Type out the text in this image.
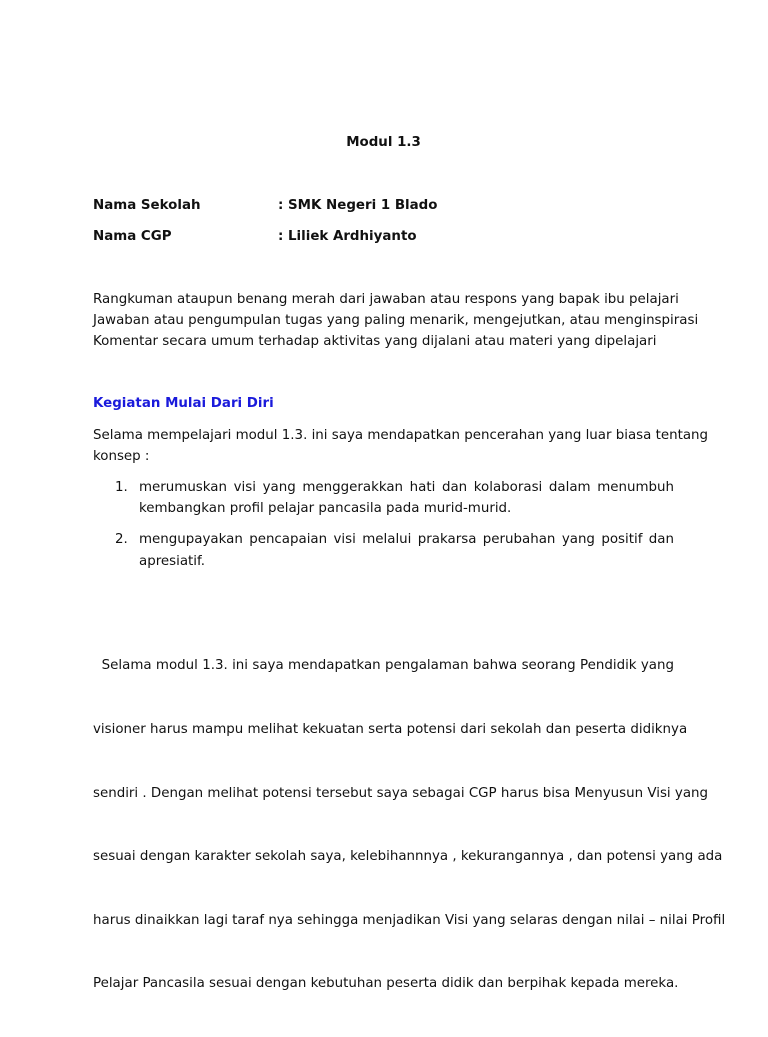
Modul 1.3
Nama Sekolah	: SMK Negeri 1 Blado
Nama CGP	: Liliek Ardhiyanto

Rangkuman ataupun benang merah dari jawaban atau respons yang bapak ibu pelajari
Jawaban atau pengumpulan tugas yang paling menarik, mengejutkan, atau menginspirasi
Komentar secara umum terhadap aktivitas yang dijalani atau materi yang dipelajari

Kegiatan Mulai Dari Diri

Selama mempelajari modul 1.3. ini saya mendapatkan pencerahan yang luar biasa tentang
konsep :

1. merumuskan visi yang menggerakkan hati dan kolaborasi dalam menumbuh
kembangkan profil pelajar pancasila pada murid-murid.
2. mengupayakan pencapaian visi melalui prakarsa perubahan yang positif dan
apresiatif.

Selama modul 1.3. ini saya mendapatkan pengalaman bahwa seorang Pendidik yang

visioner harus mampu melihat kekuatan serta potensi dari sekolah dan peserta didiknya

sendiri . Dengan melihat potensi tersebut saya sebagai CGP harus bisa Menyusun Visi yang

sesuai dengan karakter sekolah saya, kelebihannnya , kekurangannya , dan potensi yang ada

harus dinaikkan lagi taraf nya sehingga menjadikan Visi yang selaras dengan nilai – nilai Profil

Pelajar Pancasila sesuai dengan kebutuhan peserta didik dan berpihak kepada mereka.
